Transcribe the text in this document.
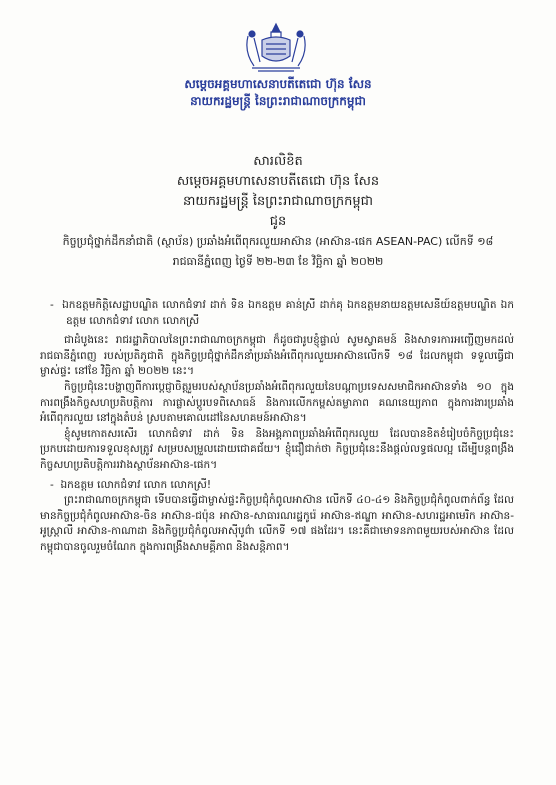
សម្តេចអគ្គមហាសេនាបតីតេជោ ហ៊ុន សែន
នាយករដ្ឋមន្ត្រី នៃព្រះរាជាណាចក្រកម្ពុជា
សារលិខិត
សម្តេចអគ្គមហាសេនាបតីតេជោ ហ៊ុន សែន
នាយករដ្ឋមន្ត្រី នៃព្រះរាជាណាចក្រកម្ពុជា
ជូន
កិច្ចប្រជុំថ្នាក់ដឹកនាំជាតិ (ស្ថាប័ន) ប្រឆាំងអំពើពុករលួយអាស៊ាន (អាស៊ាន-ផេក ASEAN-PAC) លើកទី ១៨
រាជធានីភ្នំពេញ ថ្ងៃទី ២២-២៣ ខែ វិច្ឆិកា ឆ្នាំ ២០២២

-  ឯកឧត្តមកិត្តិសេដ្ឋាបណ្ឌិត លោកជំទាវ ដាក់ ទិន ឯកឧត្តម គាន់ស្រី ដាក់គុ ឯកឧត្តមនាយឧត្តមសេនីយ៍ឧត្តមបណ្ឌិត ឯកឧត្តម លោកជំទាវ លោក លោកស្រី

ជាដំបូងនេះ រាជរដ្ឋាភិបាលនៃព្រះរាជាណាចក្រកម្ពុជា ក៏ដូចជារូបខ្ញុំផ្ទាល់ សូមស្វាគមន៍ និងសាទរការអញ្ជើញមកដល់រាជធានីភ្នំពេញ របស់ប្រតិភូជាតិ ក្នុងកិច្ចប្រជុំថ្នាក់ដឹកនាំប្រឆាំងអំពើពុករលួយអាស៊ានលើកទី ១៨ ដែលកម្ពុជា ទទួលធ្វើជាម្ចាស់ផ្ទះ នៅខែ វិច្ឆិកា ឆ្នាំ ២០២២ នេះ។

កិច្ចប្រជុំនេះបង្ហាញពីការប្តេជ្ញាចិត្តរួមរបស់ស្ថាប័នប្រឆាំងអំពើពុករលួយនៃបណ្តាប្រទេសសមាជិកអាស៊ានទាំង ១០ ក្នុងការពង្រឹងកិច្ចសហប្រតិបត្តិការ ការផ្លាស់ប្តូរបទពិសោធន៍ និងការលើកកម្ពស់តម្លាភាព គណនេយ្យភាព ក្នុងការងារប្រឆាំងអំពើពុករលួយ នៅក្នុងតំបន់ ស្របតាមគោលដៅនៃសហគមន៍អាស៊ាន។

ខ្ញុំសូមកោតសរសើរ លោកជំទាវ ដាក់ ទិន និងអង្គភាពប្រឆាំងអំពើពុករលួយ ដែលបានខិតខំរៀបចំកិច្ចប្រជុំនេះប្រកបដោយការទទួលខុសត្រូវ សម្របសម្រួលដោយជោគជ័យ។ ខ្ញុំជឿជាក់ថា កិច្ចប្រជុំនេះនឹងផ្តល់លទ្ធផលល្អ ដើម្បីបន្តពង្រឹងកិច្ចសហប្រតិបត្តិការរវាងស្ថាប័នអាស៊ាន-ផេក។

-  ឯកឧត្តម លោកជំទាវ លោក លោកស្រី!

ព្រះរាជាណាចក្រកម្ពុជា ទើបបានធ្វើជាម្ចាស់ផ្ទះកិច្ចប្រជុំកំពូលអាស៊ាន លើកទី ៤០-៤១ និងកិច្ចប្រជុំកំពូលពាក់ព័ន្ធ ដែលមានកិច្ចប្រជុំកំពូលអាស៊ាន-ចិន អាស៊ាន-ជប៉ុន អាស៊ាន-សាធារណរដ្ឋកូរ៉េ អាស៊ាន-ឥណ្ឌា អាស៊ាន-សហរដ្ឋអាមេរិក អាស៊ាន-អូស្ត្រាលី អាស៊ាន-កាណាដា និងកិច្ចប្រជុំកំពូលអាស៊ីបូព៌ា លើកទី ១៧ ផងដែរ។ នេះគឺជាមោទនភាពមួយរបស់អាស៊ាន ដែលកម្ពុជាបានចូលរួមចំណែក ក្នុងការពង្រឹងសាមគ្គីភាព និងសន្តិភាព។
